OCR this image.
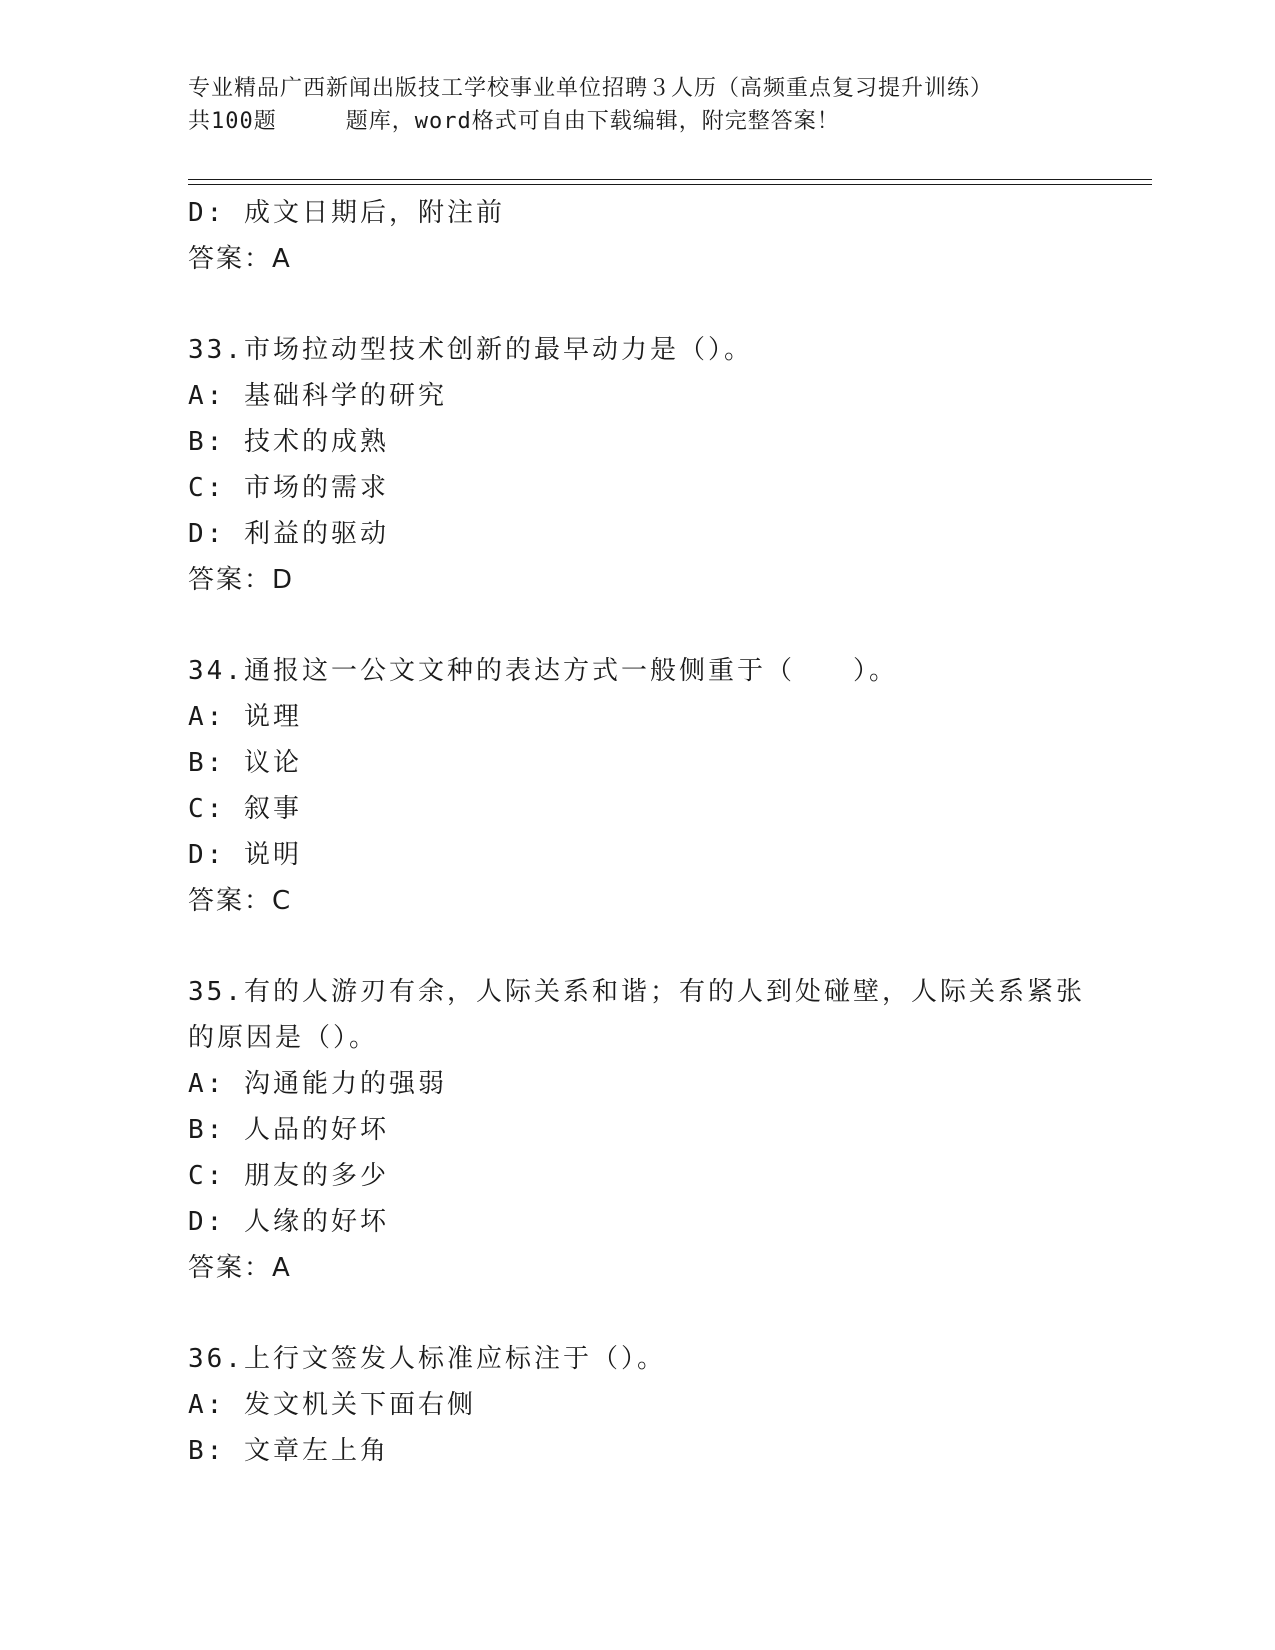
专业精品广西新闻出版技工学校事业单位招聘３人历（高频重点复习提升训练）
共100题　　　题库，word格式可自由下载编辑，附完整答案！
D: 成文日期后，附注前
答案：A
33.市场拉动型技术创新的最早动力是（）。
A: 基础科学的研究
B: 技术的成熟
C: 市场的需求
D: 利益的驱动
答案：D
34.通报这一公文文种的表达方式一般侧重于（　　）。
A: 说理
B: 议论
C: 叙事
D: 说明
答案：C
35.有的人游刃有余，人际关系和谐；有的人到处碰壁，人际关系紧张
的原因是（）。
A: 沟通能力的强弱
B: 人品的好坏
C: 朋友的多少
D: 人缘的好坏
答案：A
36.上行文签发人标准应标注于（）。
A: 发文机关下面右侧
B: 文章左上角
